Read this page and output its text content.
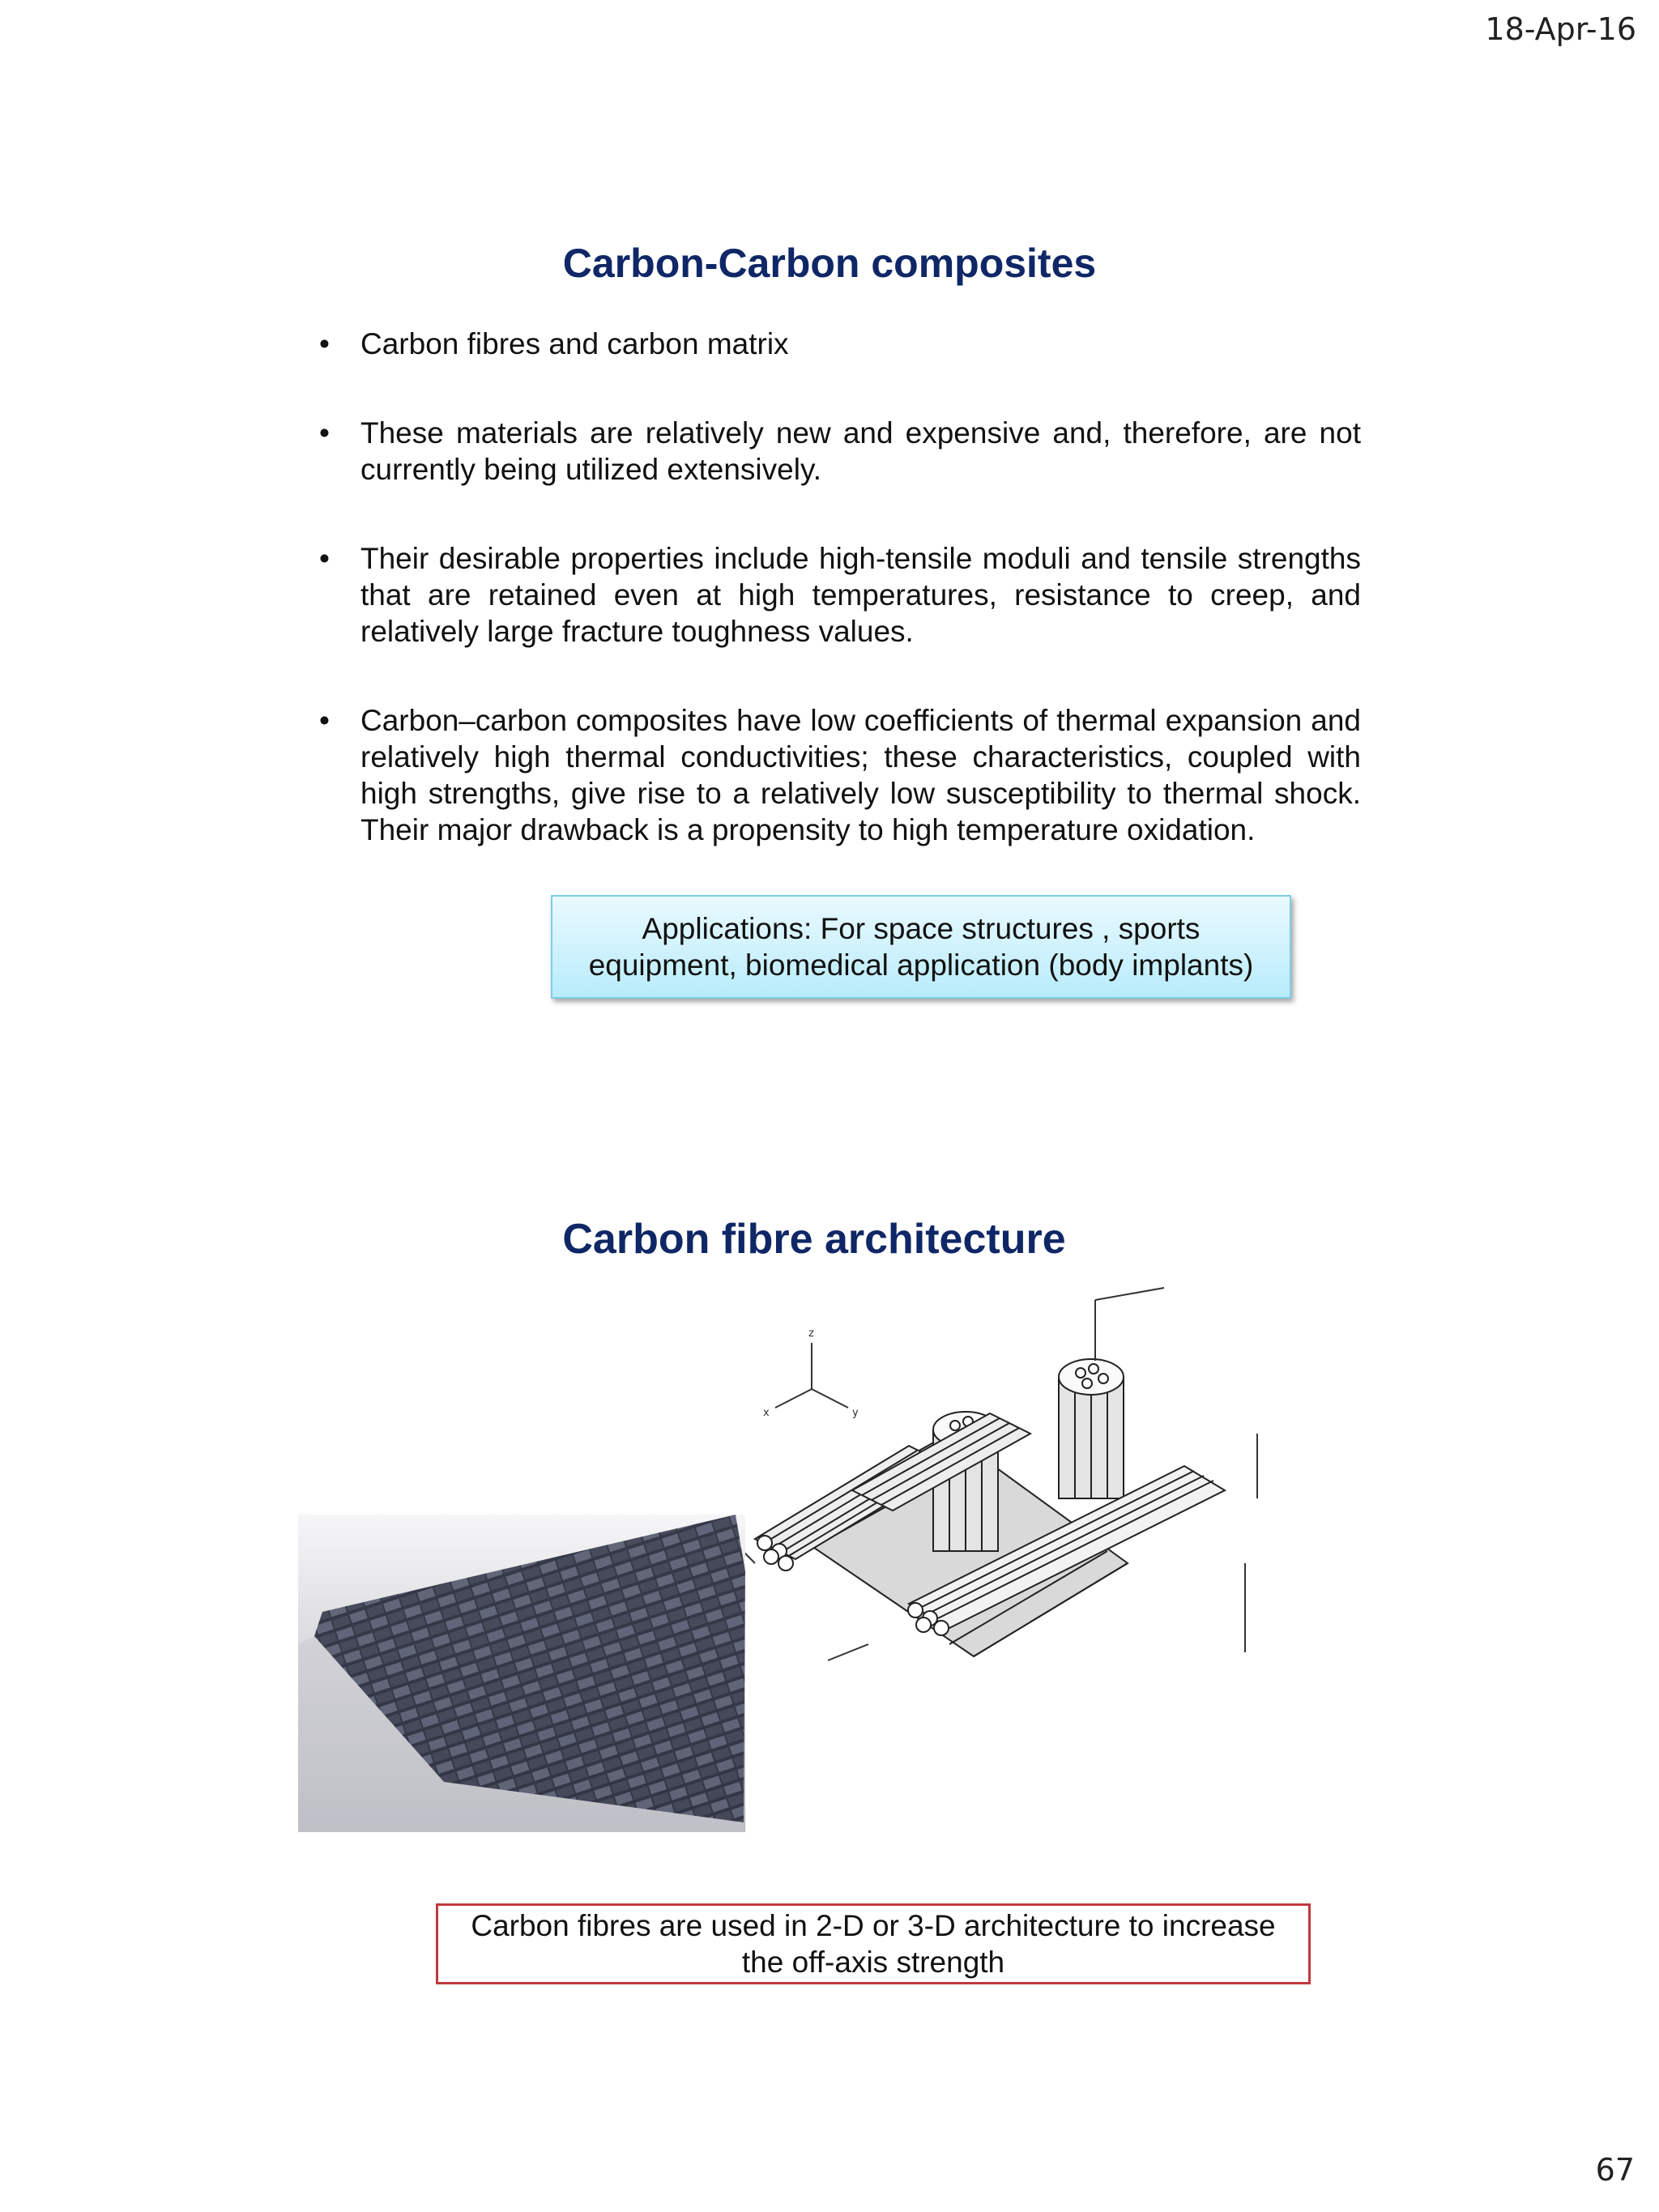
18-Apr-16
Carbon-Carbon composites
• Carbon fibres and carbon matrix
• These materials are relatively new and expensive and, therefore, are not currently being utilized extensively.
• Their desirable properties include high-tensile moduli and tensile strengths that are retained even at high temperatures, resistance to creep, and relatively large fracture toughness values.
• Carbon–carbon composites have low coefficients of thermal expansion and relatively high thermal conductivities; these characteristics, coupled with high strengths, give rise to a relatively low susceptibility to thermal shock. Their major drawback is a propensity to high temperature oxidation.
Applications: For space structures , sports equipment, biomedical application (body implants)
Carbon fibre architecture
z
x	y
Carbon fibres are used in 2-D or 3-D architecture to increase the off-axis strength
67
